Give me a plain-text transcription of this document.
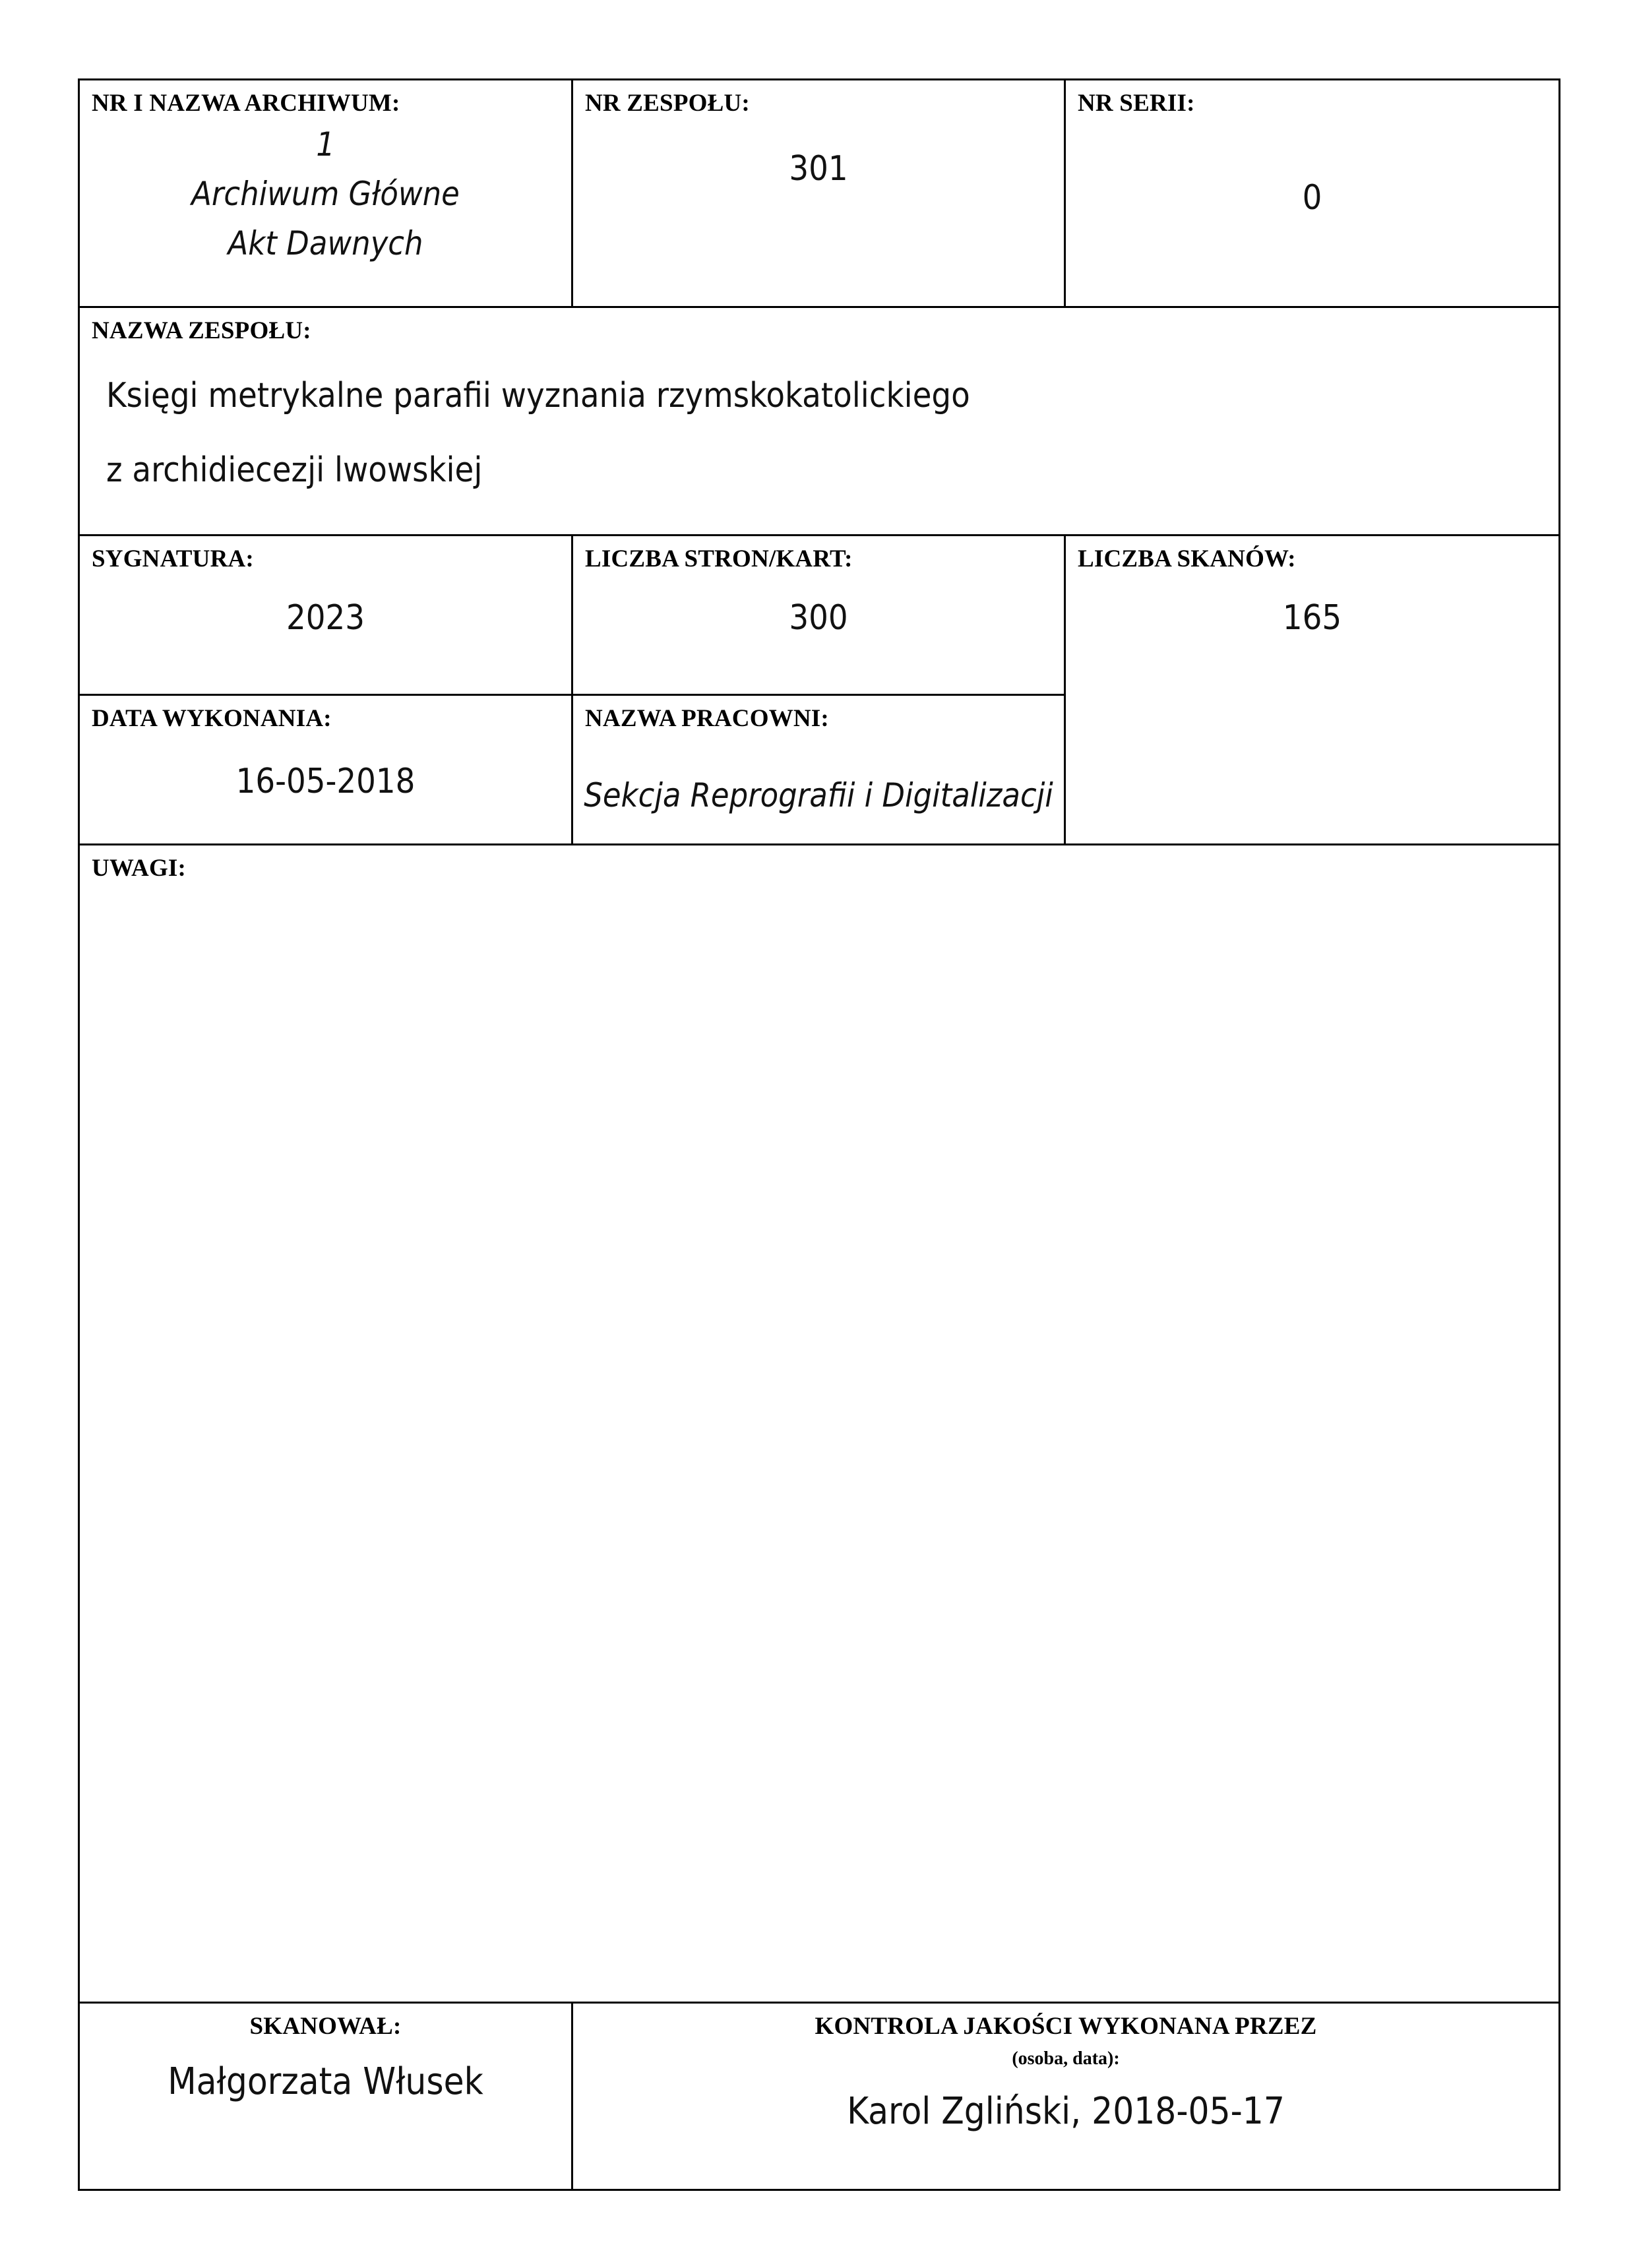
NR I NAZWA ARCHIWUM:
1
Archiwum Główne
Akt Dawnych	NR ZESPOŁU:
301	NR SERII:
0

NAZWA ZESPOŁU:
Księgi metrykalne parafii wyznania rzymskokatolickiego
z archidiecezji lwowskiej		

SYGNATURA:
2023	LICZBA STRON/KART:
300	LICZBA SKANÓW:
165

DATA WYKONANIA:
16-05-2018	NAZWA PRACOWNI:
Sekcja Reprografii i Digitalizacji	

UWAGI:		

SKANOWAŁ:
Małgorzata Włusek	KONTROLA JAKOŚCI WYKONANA PRZEZ
(osoba, data):
Karol Zgliński, 2018-05-17	
